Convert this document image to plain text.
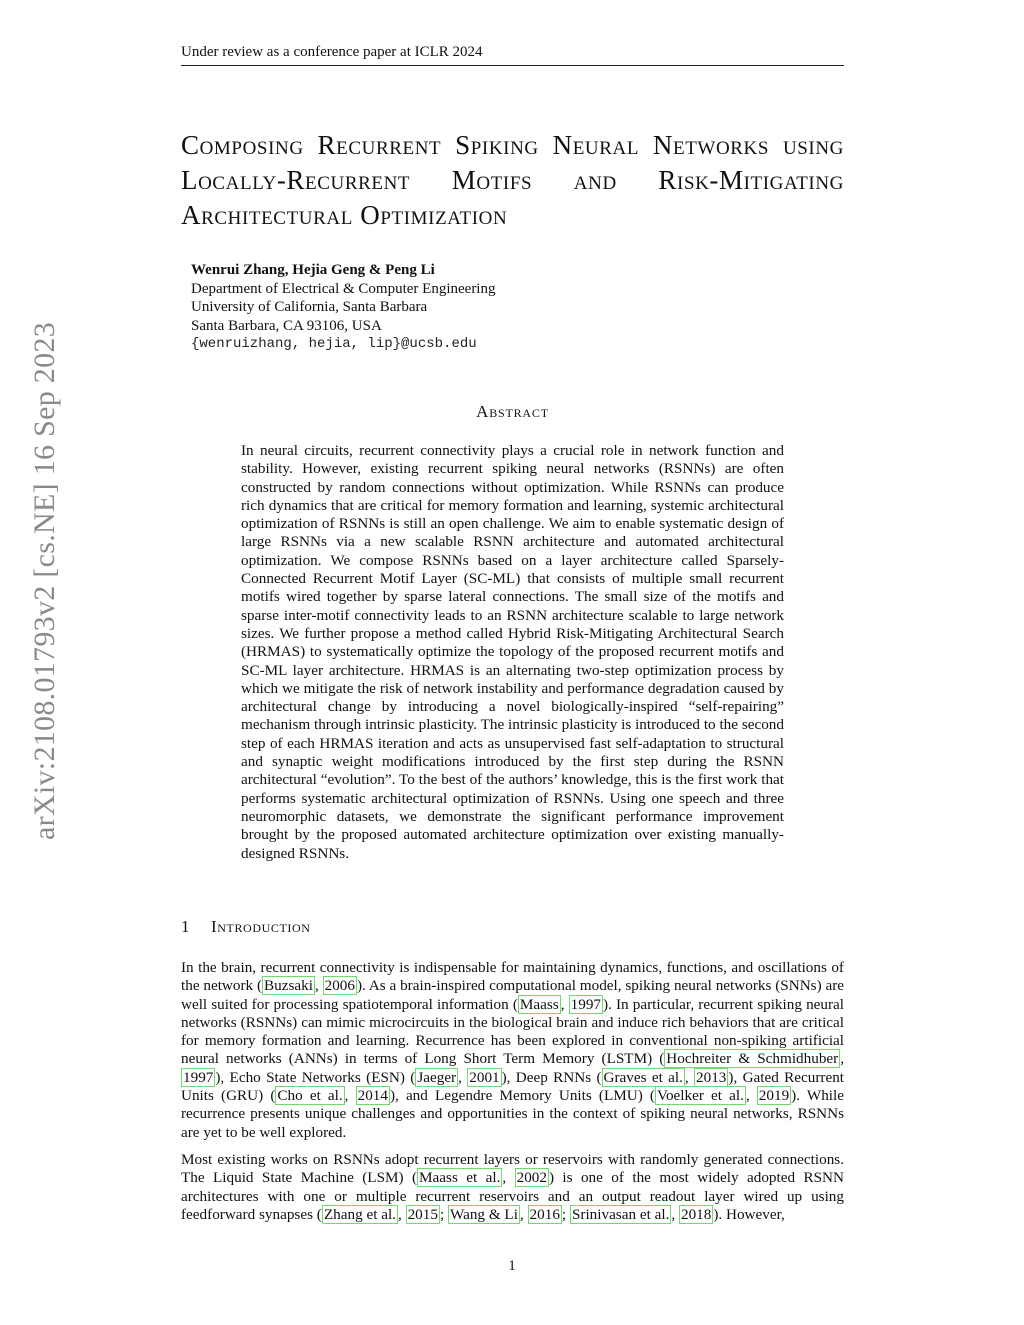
Under review as a conference paper at ICLR 2024
arXiv:2108.01793v2 [cs.NE] 16 Sep 2023
Composing Recurrent Spiking Neural Networks using Locally-Recurrent Motifs and Risk-Mitigating Architectural Optimization
Wenrui Zhang, Hejia Geng & Peng Li
Department of Electrical & Computer Engineering
University of California, Santa Barbara
Santa Barbara, CA 93106, USA
{wenruizhang, hejia, lip}@ucsb.edu
Abstract

In neural circuits, recurrent connectivity plays a crucial role in network function and stability. However, existing recurrent spiking neural networks (RSNNs) are often constructed by random connections without optimization. While RSNNs can produce rich dynamics that are critical for memory formation and learning, systemic architectural optimization of RSNNs is still an open challenge. We aim to enable systematic design of large RSNNs via a new scalable RSNN architecture and automated architectural optimization. We compose RSNNs based on a layer architecture called Sparsely-Connected Recurrent Motif Layer (SC-ML) that consists of multiple small recurrent motifs wired together by sparse lateral connections. The small size of the motifs and sparse inter-motif connectivity leads to an RSNN architecture scalable to large network sizes. We further propose a method called Hybrid Risk-Mitigating Architectural Search (HRMAS) to systematically optimize the topology of the proposed recurrent motifs and SC-ML layer architecture. HRMAS is an alternating two-step optimization process by which we mitigate the risk of network instability and performance degradation caused by architectural change by introducing a novel biologically-inspired “self-repairing” mechanism through intrinsic plasticity. The intrinsic plasticity is introduced to the second step of each HRMAS iteration and acts as unsupervised fast self-adaptation to structural and synaptic weight modifications introduced by the first step during the RSNN architectural “evolution”. To the best of the authors’ knowledge, this is the first work that performs systematic architectural optimization of RSNNs. Using one speech and three neuromorphic datasets, we demonstrate the significant performance improvement brought by the proposed automated architecture optimization over existing manually-designed RSNNs.

1 Introduction

In the brain, recurrent connectivity is indispensable for maintaining dynamics, functions, and oscillations of the network ( Buzsaki , 2006 ). As a brain-inspired computational model, spiking neural networks (SNNs) are well suited for processing spatiotemporal information ( Maass , 1997 ). In particular, recurrent spiking neural networks (RSNNs) can mimic microcircuits in the biological brain and induce rich behaviors that are critical for memory formation and learning. Recurrence has been explored in conventional non-spiking artificial neural networks (ANNs) in terms of Long Short Term Memory (LSTM) ( Hochreiter & Schmidhuber , 1997 ), Echo State Networks (ESN) ( Jaeger , 2001 ), Deep RNNs ( Graves et al. , 2013 ), Gated Recurrent Units (GRU) ( Cho et al. , 2014 ), and Legendre Memory Units (LMU) ( Voelker et al. , 2019 ). While recurrence presents unique challenges and opportunities in the context of spiking neural networks, RSNNs are yet to be well explored.

Most existing works on RSNNs adopt recurrent layers or reservoirs with randomly generated connections. The Liquid State Machine (LSM) ( Maass et al. , 2002 ) is one of the most widely adopted RSNN architectures with one or multiple recurrent reservoirs and an output readout layer wired up using feedforward synapses ( Zhang et al. , 2015 ; Wang & Li , 2016 ; Srinivasan et al. , 2018 ). However,

1
